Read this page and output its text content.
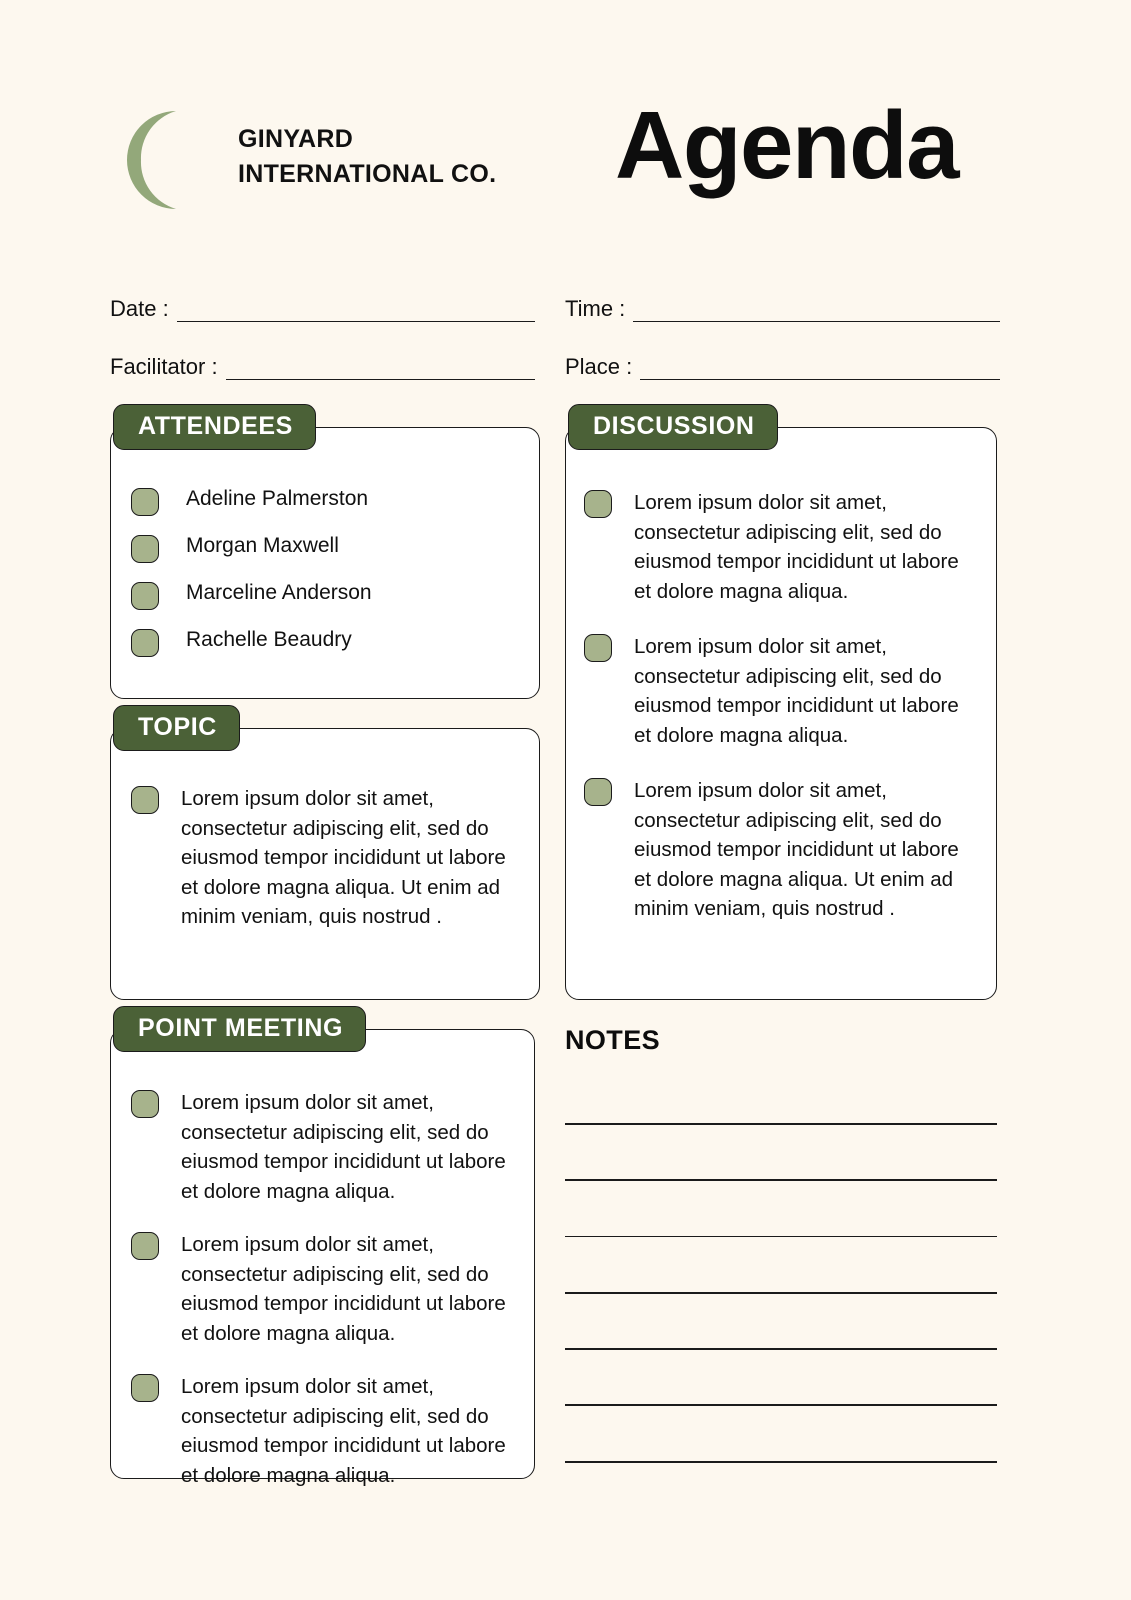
GINYARD
INTERNATIONAL CO. Agenda
Date :	Time :
Facilitator :	Place :
ATTENDEES
Adeline Palmerston
Morgan Maxwell
Marceline Anderson
Rachelle Beaudry
TOPIC
Lorem ipsum dolor sit amet, consectetur adipiscing elit, sed do eiusmod tempor incididunt ut labore et dolore magna aliqua. Ut enim ad minim veniam, quis nostrud .
POINT MEETING
Lorem ipsum dolor sit amet, consectetur adipiscing elit, sed do eiusmod tempor incididunt ut labore et dolore magna aliqua.
Lorem ipsum dolor sit amet, consectetur adipiscing elit, sed do eiusmod tempor incididunt ut labore et dolore magna aliqua.
Lorem ipsum dolor sit amet, consectetur adipiscing elit, sed do eiusmod tempor incididunt ut labore et dolore magna aliqua.
DISCUSSION
Lorem ipsum dolor sit amet, consectetur adipiscing elit, sed do eiusmod tempor incididunt ut labore et dolore magna aliqua.
Lorem ipsum dolor sit amet, consectetur adipiscing elit, sed do eiusmod tempor incididunt ut labore et dolore magna aliqua.
Lorem ipsum dolor sit amet, consectetur adipiscing elit, sed do eiusmod tempor incididunt ut labore et dolore magna aliqua. Ut enim ad minim veniam, quis nostrud .
NOTES
